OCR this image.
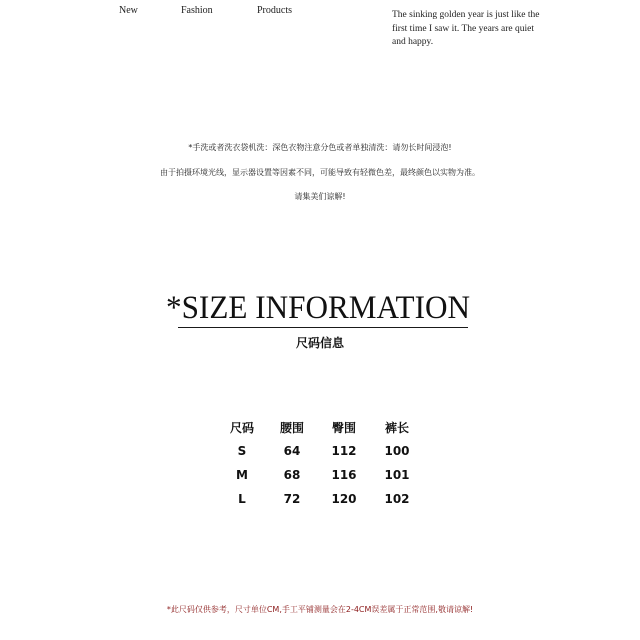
New	Fashion	Products	The sinking golden year is just like the first time I saw it. The years are quiet and happy.
*手洗或者洗衣袋机洗：深色衣物注意分色或者单独清洗：请勿长时间浸泡!
由于拍摄环境光线，显示器设置等因素不同，可能导致有轻微色差，最终颜色以实物为准。
请集美们谅解!
*SIZE INFORMATION
尺码信息
尺码 腰围 臀围 裤长
S	64	112 100
M	68	116 101
L	72	120 102
*此尺码仅供参考，尺寸单位CM,手工平铺测量会在2-4CM误差属于正常范围,敬请谅解!
